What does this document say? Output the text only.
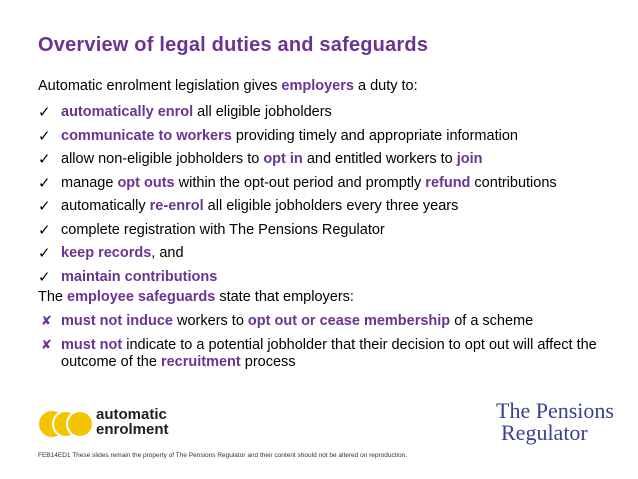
Overview of legal duties and safeguards
Automatic enrolment legislation gives employers a duty to:
✓ automatically enrol all eligible jobholders
✓ communicate to workers providing timely and appropriate information
✓ allow non-eligible jobholders to opt in and entitled workers to join
✓ manage opt outs within the opt-out period and promptly refund contributions
✓ automatically re-enrol all eligible jobholders every three years
✓ complete registration with The Pensions Regulator
✓ keep records, and
✓ maintain contributions
The employee safeguards state that employers:
✘ must not induce workers to opt out or cease membership of a scheme
✘ must not indicate to a potential jobholder that their decision to opt out will affect the outcome of the recruitment process
automatic
enrolment
The Pensions
Regulator
FEB14ED1 These slides remain the property of The Pensions Regulator and their content should not be altered on reproduction.
